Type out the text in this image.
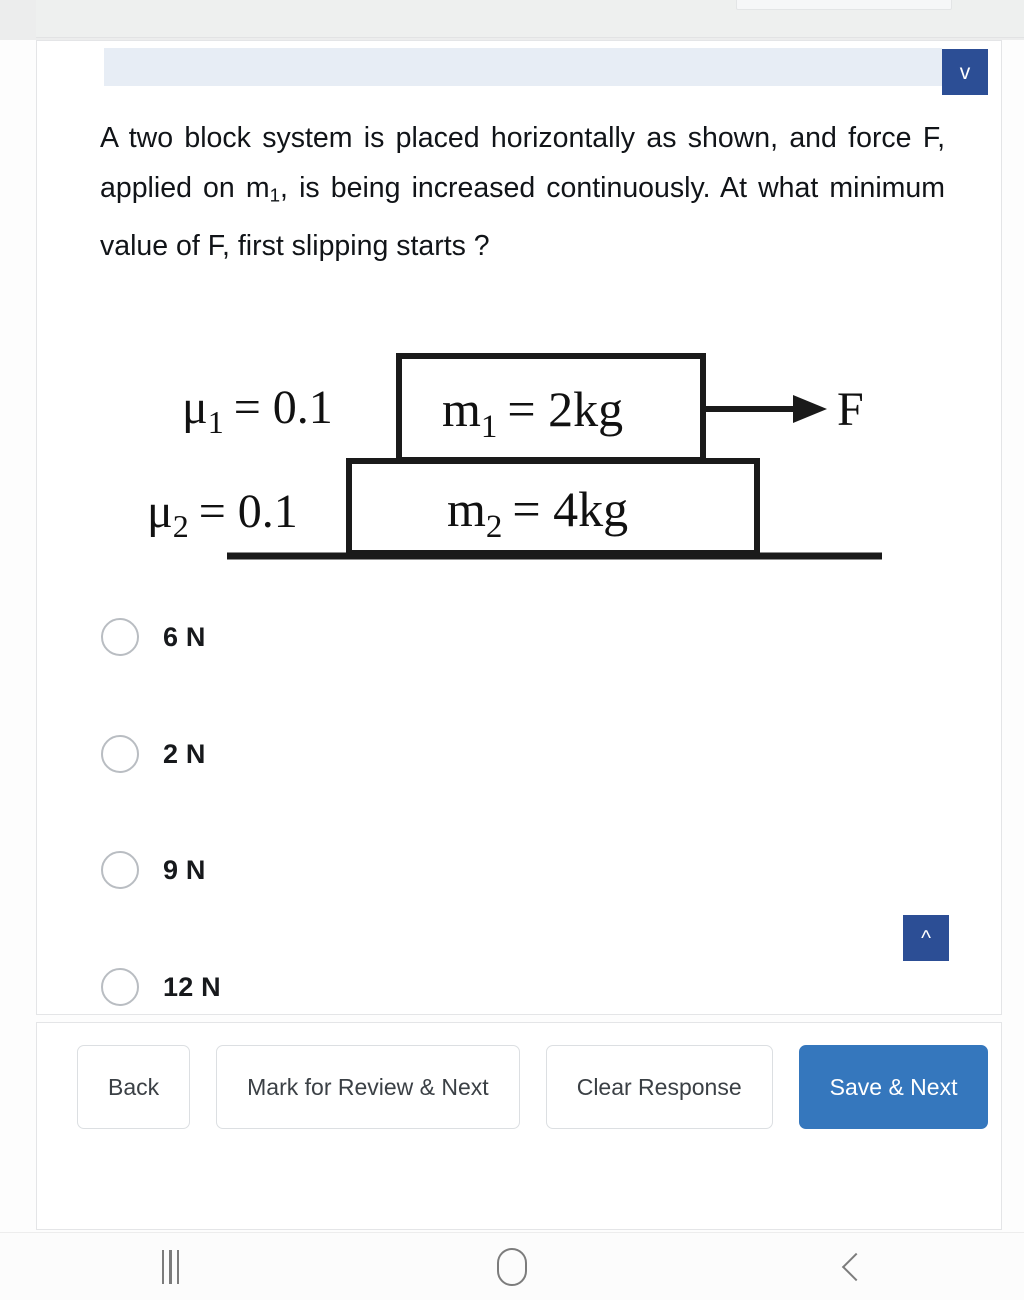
v
A two block system is placed horizontally as shown, and force F, applied on $m_1$, is being increased continuously. At what minimum value of F, first slipping starts ?
$\mu_1 = 0.1$
$\mu_2 = 0.1$
$m_1 = 2kg$
$m_2 = 4kg$
F
6 N
2 N
9 N
12 N
^
Back	Mark for Review & Next	Clear Response	Save & Next
